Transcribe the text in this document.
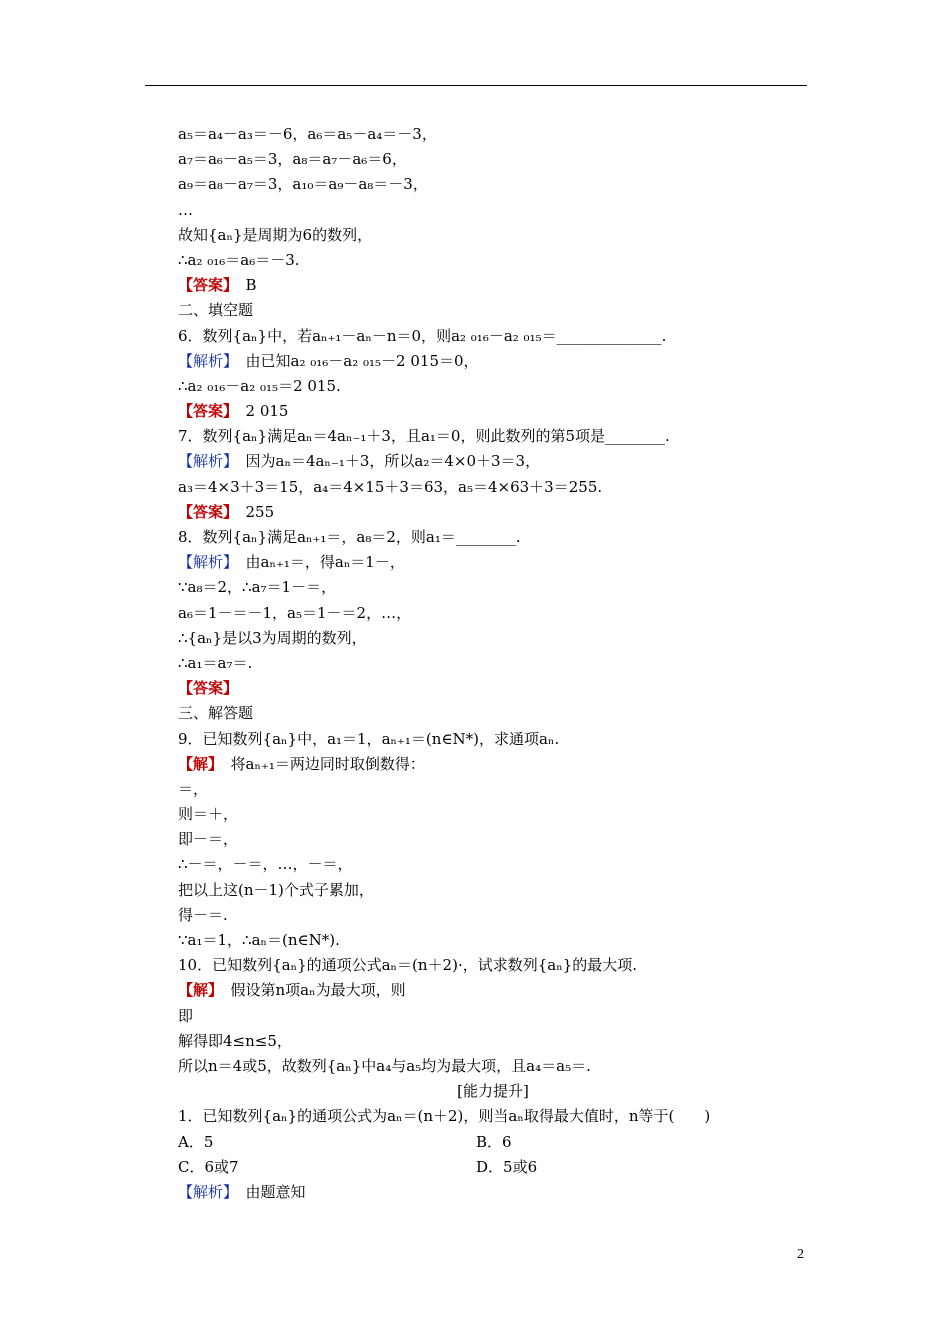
a₅＝a₄－a₃＝－6，a₆＝a₅－a₄＝－3，
a₇＝a₆－a₅＝3，a₈＝a₇－a₆＝6，
a₉＝a₈－a₇＝3，a₁₀＝a₉－a₈＝－3，
…
故知{aₙ}是周期为6的数列，
∴a₂ ₀₁₆＝a₆＝－3.
【答案】　B
二、填空题
6．数列{aₙ}中，若aₙ₊₁－aₙ－n＝0，则a₂ ₀₁₆－a₂ ₀₁₅＝______________.
【解析】　由已知a₂ ₀₁₆－a₂ ₀₁₅－2 015＝0，
∴a₂ ₀₁₆－a₂ ₀₁₅＝2 015.
【答案】　2 015
7．数列{aₙ}满足aₙ＝4aₙ₋₁＋3，且a₁＝0，则此数列的第5项是________.
【解析】　因为aₙ＝4aₙ₋₁＋3，所以a₂＝4×0＋3＝3，
a₃＝4×3＋3＝15，a₄＝4×15＋3＝63，a₅＝4×63＋3＝255.
【答案】　255
8．数列{aₙ}满足aₙ₊₁＝，a₈＝2，则a₁＝________.
【解析】　由aₙ₊₁＝，得aₙ＝1－，
∵a₈＝2，∴a₇＝1－＝，
a₆＝1－＝－1，a₅＝1－＝2，…，
∴{aₙ}是以3为周期的数列，
∴a₁＝a₇＝.
【答案】
三、解答题
9．已知数列{aₙ}中，a₁＝1，aₙ₊₁＝(n∈N*)，求通项aₙ.
【解】　将aₙ₊₁＝两边同时取倒数得：
＝，
则＝＋，
即－＝，
∴－＝，－＝，…，－＝，
把以上这(n－1)个式子累加，
得－＝.
∵a₁＝1，∴aₙ＝(n∈N*).
10．已知数列{aₙ}的通项公式aₙ＝(n＋2)·，试求数列{aₙ}的最大项.
【解】　假设第n项aₙ为最大项，则
即
解得即4≤n≤5，
所以n＝4或5，故数列{aₙ}中a₄与a₅均为最大项，且a₄＝a₅＝.
[能力提升]
1．已知数列{aₙ}的通项公式为aₙ＝(n＋2)，则当aₙ取得最大值时，n等于(　　)
A．5	B．6
C．6或7	D．5或6
【解析】　由题意知
2
